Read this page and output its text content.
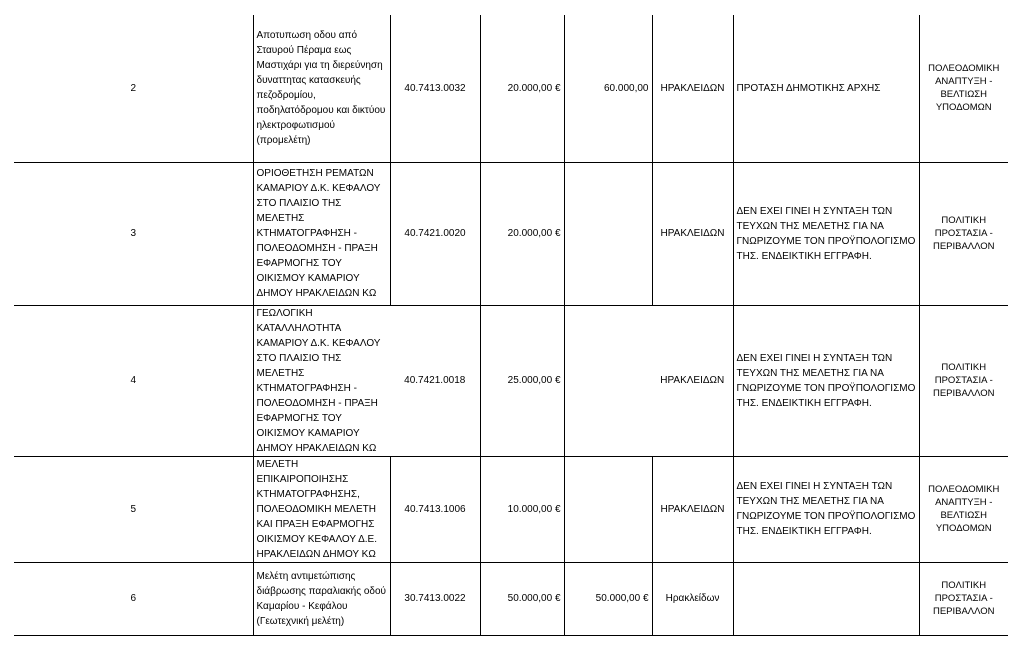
2	Αποτυπωση οδου από Σταυρού Πέραμα εως Μαστιχάρι για τη διερεύνηση δυναττητας κατασκευής πεζοδρομίου, ποδηλατόδρομου και δικτύου ηλεκτροφωτισμού (προμελέτη)	40.7413.0032	20.000,00 €	60.000,00	ΗΡΑΚΛΕΙΔΩΝ	ΠΡΟΤΑΣΗ ΔΗΜΟΤΙΚΗΣ ΑΡΧΗΣ	ΠΟΛΕΟΔΟΜΙΚΗ ΑΝΑΠΤΥΞΗ - ΒΕΛΤΙΩΣΗ ΥΠΟΔΟΜΩΝ
3	ΟΡΙΟΘΕΤΗΣΗ ΡΕΜΑΤΩΝ ΚΑΜΑΡΙΟΥ Δ.Κ. ΚΕΦΑΛΟΥ ΣΤΟ ΠΛΑΙΣΙΟ ΤΗΣ ΜΕΛΕΤΗΣ ΚΤΗΜΑΤΟΓΡΑΦΗΣΗ - ΠΟΛΕΟΔΟΜΗΣΗ - ΠΡΑΞΗ ΕΦΑΡΜΟΓΗΣ ΤΟΥ ΟΙΚΙΣΜΟΥ ΚΑΜΑΡΙΟΥ ΔΗΜΟΥ ΗΡΑΚΛΕΙΔΩΝ ΚΩ	40.7421.0020	20.000,00 €		ΗΡΑΚΛΕΙΔΩΝ	ΔΕΝ ΕΧΕΙ ΓΙΝΕΙ Η ΣΥΝΤΑΞΗ ΤΩΝ ΤΕΥΧΩΝ ΤΗΣ ΜΕΛΕΤΗΣ ΓΙΑ ΝΑ ΓΝΩΡΙΖΟΥΜΕ ΤΟΝ ΠΡΟΫΠΟΛΟΓΙΣΜΟ ΤΗΣ. ΕΝΔΕΙΚΤΙΚΗ ΕΓΓΡΑΦΗ.	ΠΟΛΙΤΙΚΗ ΠΡΟΣΤΑΣΙΑ - ΠΕΡΙΒΑΛΛΟΝ
4	ΓΕΩΛΟΓΙΚΗ ΚΑΤΑΛΛΗΛΟΤΗΤΑ ΚΑΜΑΡΙΟΥ Δ.Κ. ΚΕΦΑΛΟΥ ΣΤΟ ΠΛΑΙΣΙΟ ΤΗΣ ΜΕΛΕΤΗΣ ΚΤΗΜΑΤΟΓΡΑΦΗΣΗ - ΠΟΛΕΟΔΟΜΗΣΗ - ΠΡΑΞΗ ΕΦΑΡΜΟΓΗΣ ΤΟΥ ΟΙΚΙΣΜΟΥ ΚΑΜΑΡΙΟΥ ΔΗΜΟΥ ΗΡΑΚΛΕΙΔΩΝ ΚΩ	40.7421.0018	25.000,00 €		ΗΡΑΚΛΕΙΔΩΝ	ΔΕΝ ΕΧΕΙ ΓΙΝΕΙ Η ΣΥΝΤΑΞΗ ΤΩΝ ΤΕΥΧΩΝ ΤΗΣ ΜΕΛΕΤΗΣ ΓΙΑ ΝΑ ΓΝΩΡΙΖΟΥΜΕ ΤΟΝ ΠΡΟΫΠΟΛΟΓΙΣΜΟ ΤΗΣ. ΕΝΔΕΙΚΤΙΚΗ ΕΓΓΡΑΦΗ.	ΠΟΛΙΤΙΚΗ ΠΡΟΣΤΑΣΙΑ - ΠΕΡΙΒΑΛΛΟΝ
5	ΜΕΛΕΤΗ ΕΠΙΚΑΙΡΟΠΟΙΗΣΗΣ ΚΤΗΜΑΤΟΓΡΑΦΗΣΗΣ, ΠΟΛΕΟΔΟΜΙΚΗ ΜΕΛΕΤΗ ΚΑΙ ΠΡΑΞΗ ΕΦΑΡΜΟΓΗΣ ΟΙΚΙΣΜΟΥ ΚΕΦΑΛΟΥ Δ.Ε. ΗΡΑΚΛΕΙΔΩΝ ΔΗΜΟΥ ΚΩ	40.7413.1006	10.000,00 €		ΗΡΑΚΛΕΙΔΩΝ	ΔΕΝ ΕΧΕΙ ΓΙΝΕΙ Η ΣΥΝΤΑΞΗ ΤΩΝ ΤΕΥΧΩΝ ΤΗΣ ΜΕΛΕΤΗΣ ΓΙΑ ΝΑ ΓΝΩΡΙΖΟΥΜΕ ΤΟΝ ΠΡΟΫΠΟΛΟΓΙΣΜΟ ΤΗΣ. ΕΝΔΕΙΚΤΙΚΗ ΕΓΓΡΑΦΗ.	ΠΟΛΕΟΔΟΜΙΚΗ ΑΝΑΠΤΥΞΗ - ΒΕΛΤΙΩΣΗ ΥΠΟΔΟΜΩΝ
6	Μελέτη αντιμετώπισης διάβρωσης παραλιακής οδού Καμαρίου - Κεφάλου (Γεωτεχνική μελέτη)	30.7413.0022	50.000,00 €	50.000,00 €	Ηρακλείδων		ΠΟΛΙΤΙΚΗ ΠΡΟΣΤΑΣΙΑ - ΠΕΡΙΒΑΛΛΟΝ
